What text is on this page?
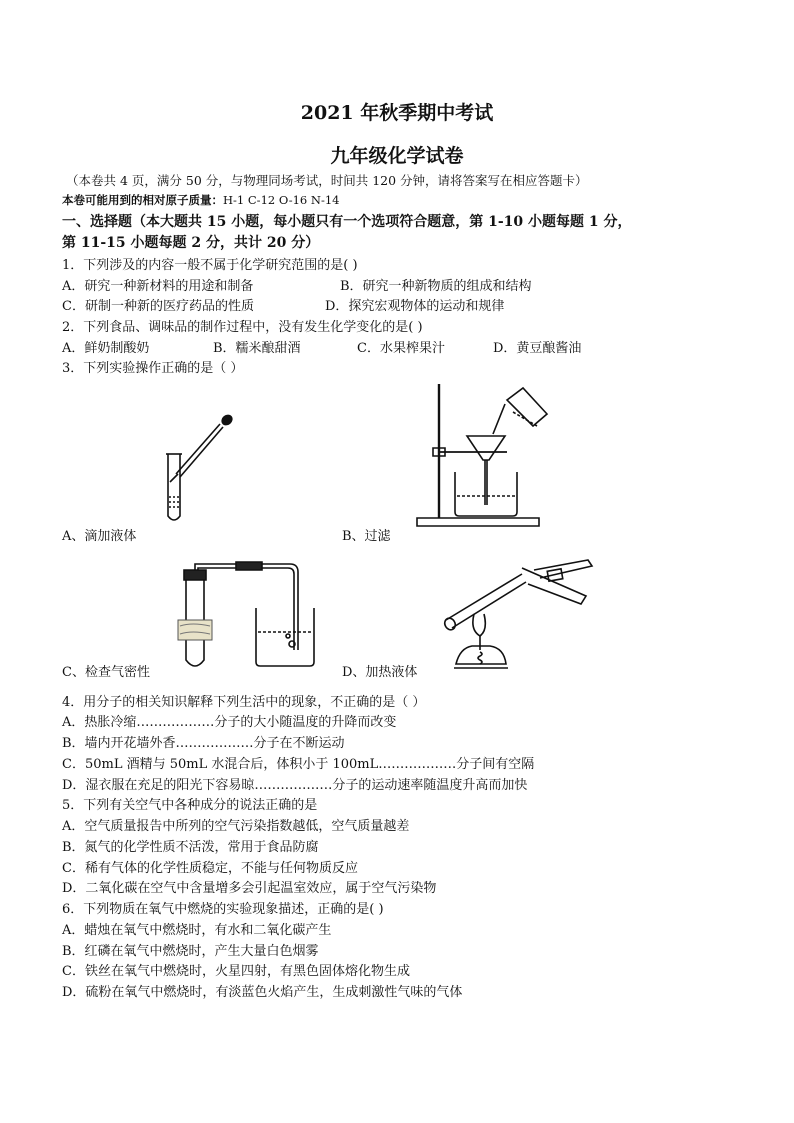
2021 年秋季期中考试
九年级化学试卷
（本卷共 4 页，满分 50 分，与物理同场考试，时间共 120 分钟，请将答案写在相应答题卡）
本卷可能用到的相对原子质量：H-1 C-12 O-16 N-14
一、选择题（本大题共 15 小题，每小题只有一个选项符合题意，第 1-10 小题每题 1 分，
第 11-15 小题每题 2 分，共计 20 分）
1．下列涉及的内容一般不属于化学研究范围的是( )
A．研究一种新材料的用途和制备	B．研究一种新物质的组成和结构
C．研制一种新的医疗药品的性质	D．探究宏观物体的运动和规律
2．下列食品、调味品的制作过程中，没有发生化学变化的是( )
A．鲜奶制酸奶	B．糯米酿甜酒	C．水果榨果汁	D．黄豆酿酱油
3．下列实验操作正确的是（ ）
A、滴加液体	B、过滤
C、检查气密性	D、加热液体
4．用分子的相关知识解释下列生活中的现象，不正确的是（ ）
A．热胀冷缩………………分子的大小随温度的升降而改变
B．墙内开花墙外香………………分子在不断运动
C．50mL 酒精与 50mL 水混合后，体积小于 100mL………………分子间有空隔
D．湿衣服在充足的阳光下容易晾………………分子的运动速率随温度升高而加快
5．下列有关空气中各种成分的说法正确的是
A．空气质量报告中所列的空气污染指数越低，空气质量越差
B．氮气的化学性质不活泼，常用于食品防腐
C．稀有气体的化学性质稳定，不能与任何物质反应
D．二氧化碳在空气中含量增多会引起温室效应，属于空气污染物
6．下列物质在氧气中燃烧的实验现象描述，正确的是( )
A．蜡烛在氧气中燃烧时，有水和二氧化碳产生
B．红磷在氧气中燃烧时，产生大量白色烟雾
C．铁丝在氧气中燃烧时，火星四射，有黑色固体熔化物生成
D．硫粉在氧气中燃烧时，有淡蓝色火焰产生，生成刺激性气味的气体
